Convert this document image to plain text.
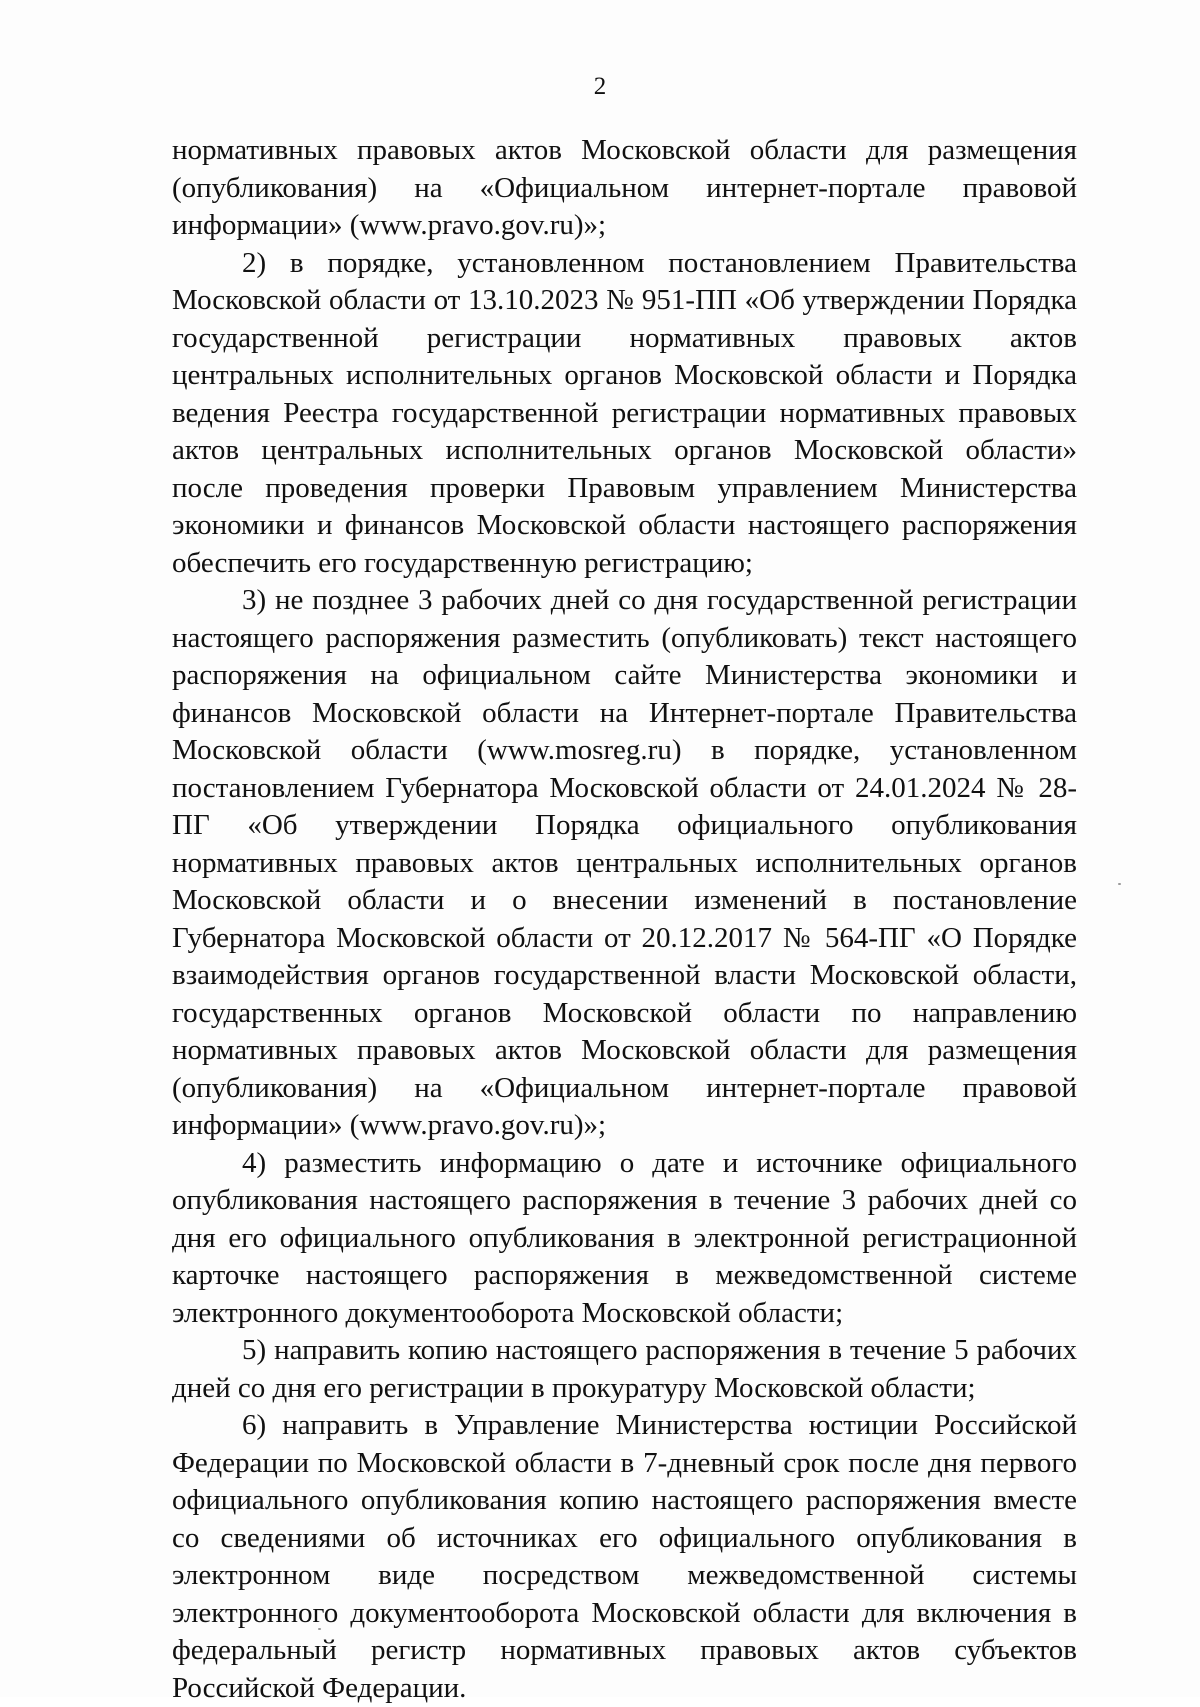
2

нормативных правовых актов Московской области для размещения (опубликования) на «Официальном интернет-портале правовой информации» (www.pravo.gov.ru)»;

2) в порядке, установленном постановлением Правительства Московской области от 13.10.2023 № 951-ПП «Об утверждении Порядка государственной регистрации нормативных правовых актов центральных исполнительных органов Московской области и Порядка ведения Реестра государственной регистрации нормативных правовых актов центральных исполнительных органов Московской области» после проведения проверки Правовым управлением Министерства экономики и финансов Московской области настоящего распоряжения обеспечить его государственную регистрацию;

3) не позднее 3 рабочих дней со дня государственной регистрации настоящего распоряжения разместить (опубликовать) текст настоящего распоряжения на официальном сайте Министерства экономики и финансов Московской области на Интернет-портале Правительства Московской области (www.mosreg.ru) в порядке, установленном постановлением Губернатора Московской области от 24.01.2024 № 28-ПГ «Об утверждении Порядка официального опубликования нормативных правовых актов центральных исполнительных органов Московской области и о внесении изменений в постановление Губернатора Московской области от 20.12.2017 № 564-ПГ «О Порядке взаимодействия органов государственной власти Московской области, государственных органов Московской области по направлению нормативных правовых актов Московской области для размещения (опубликования) на «Официальном интернет-портале правовой информации» (www.pravo.gov.ru)»;

4) разместить информацию о дате и источнике официального опубликования настоящего распоряжения в течение 3 рабочих дней со дня его официального опубликования в электронной регистрационной карточке настоящего распоряжения в межведомственной системе электронного документооборота Московской области;

5) направить копию настоящего распоряжения в течение 5 рабочих дней со дня его регистрации в прокуратуру Московской области;

6) направить в Управление Министерства юстиции Российской Федерации по Московской области в 7-дневный срок после дня первого официального опубликования копию настоящего распоряжения вместе со сведениями об источниках его официального опубликования в электронном виде посредством межведомственной системы электронного документооборота Московской области для включения в федеральный регистр нормативных правовых актов субъектов Российской Федерации.
